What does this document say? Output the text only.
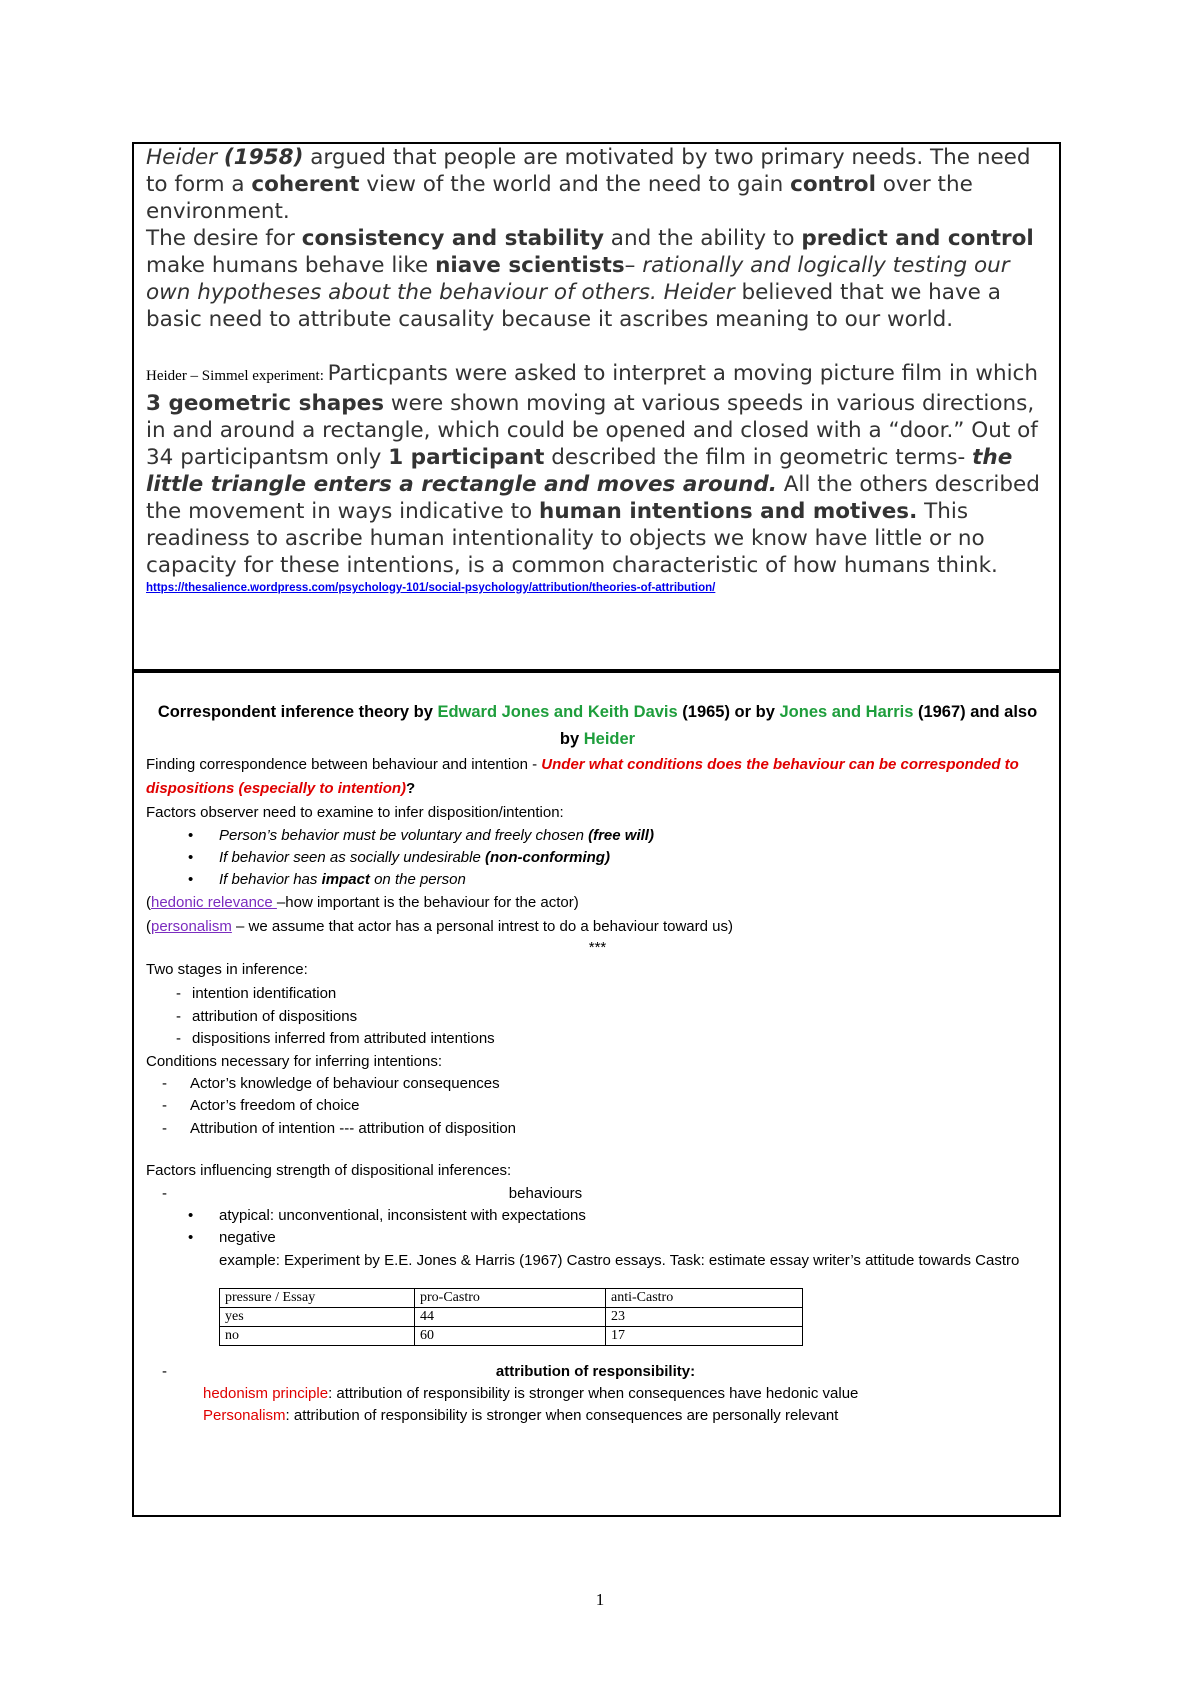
Heider (1958) argued that people are motivated by two primary needs. The need to form a coherent view of the world and the need to gain control over the environment.

The desire for consistency and stability and the ability to predict and control make humans behave like niave scientists– rationally and logically testing our own hypotheses about the behaviour of others. Heider believed that we have a basic need to attribute causality because it ascribes meaning to our world.

Heider – Simmel experiment: Particpants were asked to interpret a moving picture film in which 3 geometric shapes were shown moving at various speeds in various directions, in and around a rectangle, which could be opened and closed with a “door.” Out of 34 participantsm only 1 participant described the film in geometric terms- the little triangle enters a rectangle and moves around. All the others described the movement in ways indicative to human intentions and motives. This readiness to ascribe human intentionality to objects we know have little or no capacity for these intentions, is a common characteristic of how humans think.

https://thesalience.wordpress.com/psychology-101/social-psychology/attribution/theories-of-attribution/

Correspondent inference theory by Edward Jones and Keith Davis (1965) or by Jones and Harris (1967) and also by Heider

Finding correspondence between behaviour and intention - Under what conditions does the behaviour can be corresponded to dispositions (especially to intention)?

Factors observer need to examine to infer disposition/intention:

• Person’s behavior must be voluntary and freely chosen (free will)
• If behavior seen as socially undesirable (non-conforming)
• If behavior has impact on the person

(hedonic relevance –how important is the behaviour for the actor)

(personalism – we assume that actor has a personal intrest to do a behaviour toward us)

***

Two stages in inference:

- intention identification
- attribution of dispositions
- dispositions inferred from attributed intentions

Conditions necessary for inferring intentions:

- Actor’s knowledge of behaviour consequences
- Actor’s freedom of choice
- Attribution of intention --- attribution of disposition

Factors influencing strength of dispositional inferences:

-	behaviours
• atypical: unconventional, inconsistent with expectations
• negative

example: Experiment by E.E. Jones & Harris (1967) Castro essays. Task: estimate essay writer’s attitude towards Castro

pressure / Essay	pro-Castro	anti-Castro
yes	44	23
no	60	17
-	attribution of responsibility:

hedonism principle: attribution of responsibility is stronger when consequences have hedonic value

Personalism: attribution of responsibility is stronger when consequences are personally relevant

1
